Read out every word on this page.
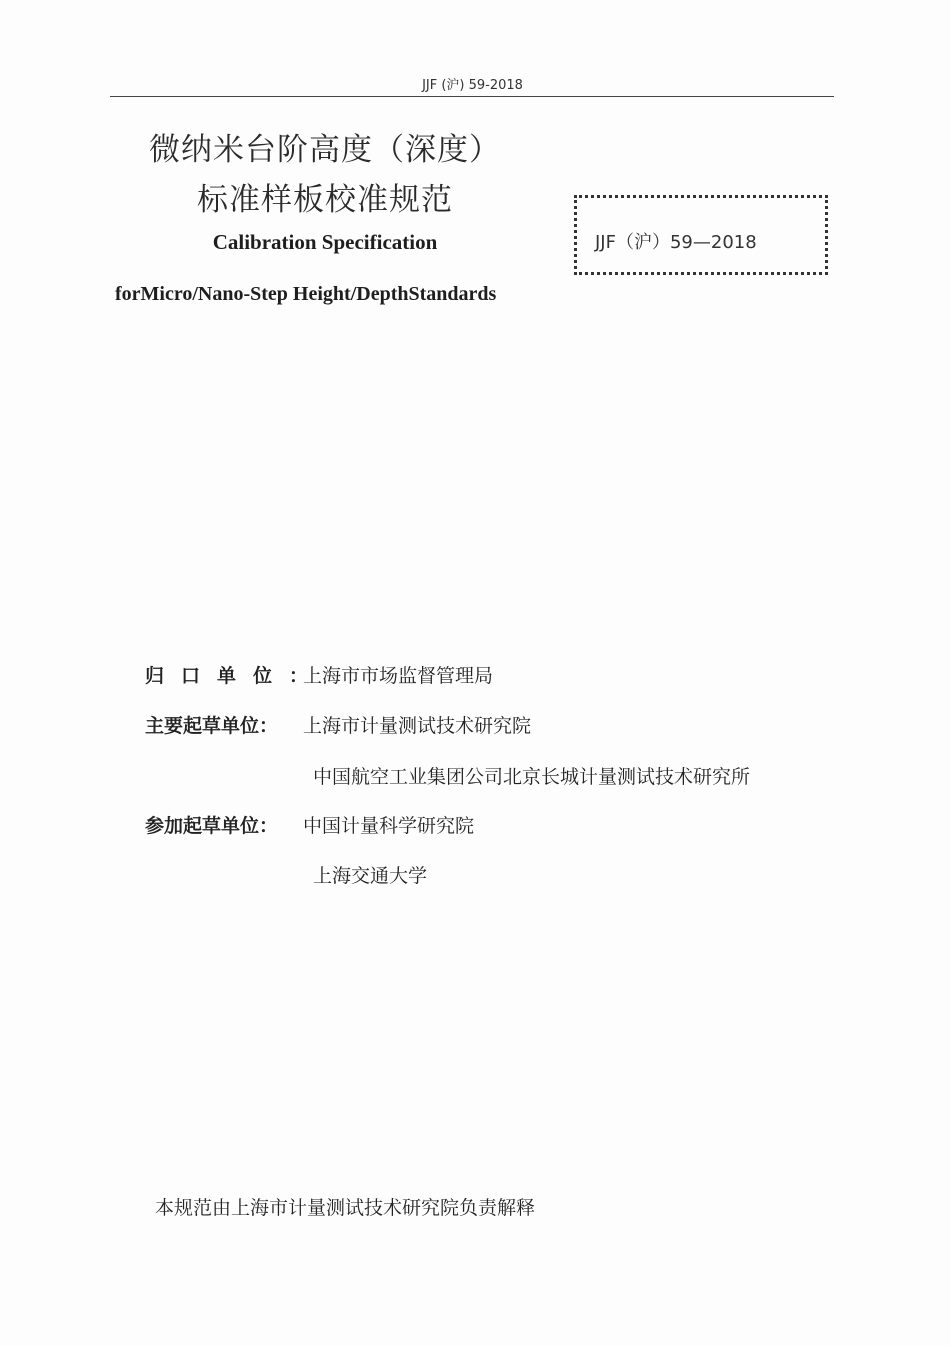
JJF (沪) 59-2018
微纳米台阶高度（深度）
标准样板校准规范
Calibration Specification
forMicro/Nano-Step Height/DepthStandards
JJF（沪）59—2018
归口单位：上海市市场监督管理局
主要起草单位： 上海市计量测试技术研究院
中国航空工业集团公司北京长城计量测试技术研究所
参加起草单位： 中国计量科学研究院
上海交通大学
本规范由上海市计量测试技术研究院负责解释
